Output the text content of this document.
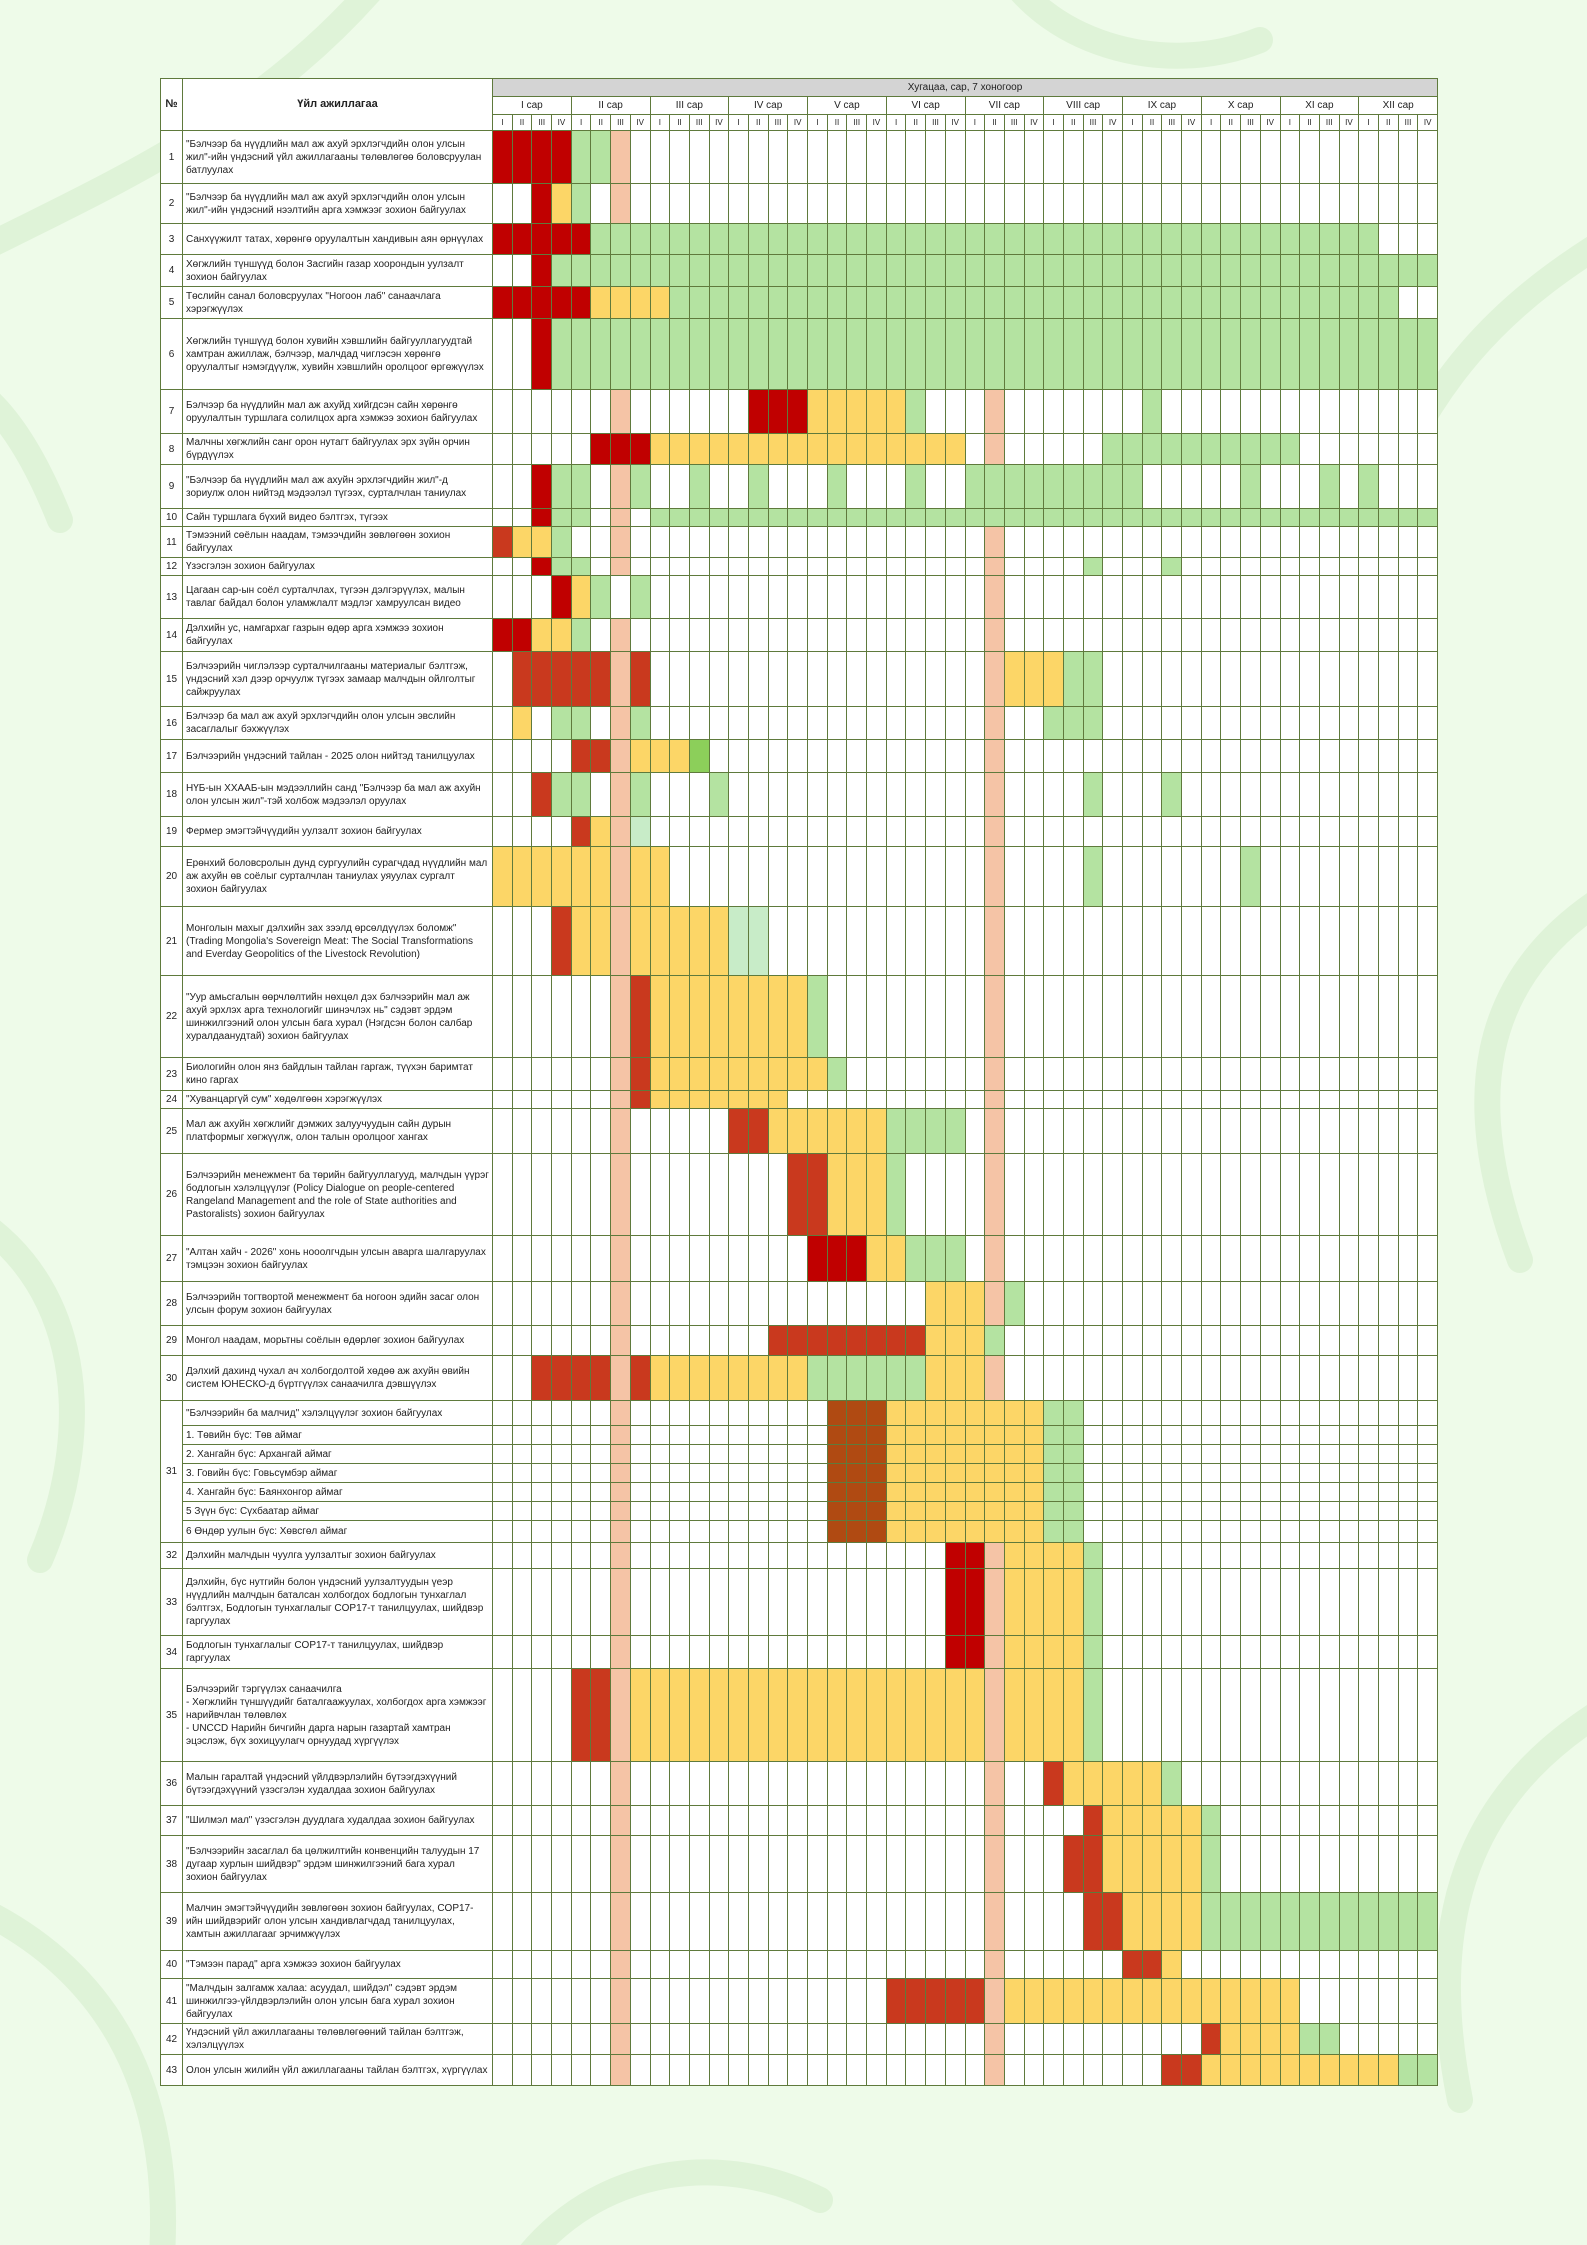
№	Үйл ажиллагаа	Хугацаа, сар, 7 хоногоор																																															
		I сар				II сар				III сар				IV сар				V сар				VI сар				VII сар				VIII сар				IX сар				X сар				XI сар				XII сар			
		I	II	III	IV	I	II	III	IV	I	II	III	IV	I	II	III	IV	I	II	III	IV	I	II	III	IV	I	II	III	IV	I	II	III	IV	I	II	III	IV	I	II	III	IV	I	II	III	IV	I	II	III	IV
1	"Бэлчээр ба нүүдлийн мал аж ахуй эрхлэгчдийн олон улсын жил"-ийн үндэсний үйл ажиллагааны төлөвлөгөө боловсруулан батлуулах																																																
2	"Бэлчээр ба нүүдлийн мал аж ахуй эрхлэгчдийн олон улсын жил"-ийн үндэсний нээлтийн арга хэмжээг зохион байгуулах																																																
3	Санхүүжилт татах, хөрөнгө оруулалтын хандивын аян өрнүүлах																																																
4	Хөгжлийн түншүүд болон Засгийн газар хоорондын уулзалт зохион байгуулах																																																
5	Төслийн санал боловсруулах "Ногоон лаб" санаачлага хэрэгжүүлэх																																																
6	Хөгжлийн түншүүд болон хувийн хэвшлийн байгууллагуудтай хамтран ажиллаж, бэлчээр, малчдад чиглэсэн хөрөнгө оруулалтыг нэмэгдүүлж, хувийн хэвшлийн оролцоог өргөжүүлэх																																																
7	Бэлчээр ба нүүдлийн мал аж ахуйд хийгдсэн сайн хөрөнгө оруулалтын туршлага солилцох арга хэмжээ зохион байгуулах																																																
8	Малчны хөгжлийн санг орон нутагт байгуулах эрх зүйн орчин бүрдүүлэх																																																
9	"Бэлчээр ба нүүдлийн мал аж ахуйн эрхлэгчдийн жил"-д зориулж олон нийтэд мэдээлэл түгээх, сурталчлан таниулах																																																
10	Сайн туршлага бүхий видео бэлтгэх, түгээх																																																
11	Тэмээний сөёлын наадам, тэмээчдийн зөвлөгөөн зохион байгуулах																																																
12	Үзэсгэлэн зохион байгуулах																																																
13	Цагаан сар-ын соёл сурталчлах, түгээн дэлгэрүүлэх, малын тавлаг байдал болон уламжлалт мэдлэг хамруулсан видео																																																
14	Дэлхийн ус, намгархаг газрын өдөр арга хэмжээ зохион байгуулах																																																
15	Бэлчээрийн чиглэлээр сурталчилгааны материалыг бэлтгэж, үндэсний хэл дээр орчуулж түгээх замаар малчдын ойлголтыг сайжруулах																																																
16	Бэлчээр ба мал аж ахуй эрхлэгчдийн олон улсын эвслийн засаглалыг бэхжүүлэх																																																
17	Бэлчээрийн үндэсний тайлан - 2025 олон нийтэд танилцуулах																																																
18	НҮБ-ын ХХААБ-ын мэдээллийн санд "Бэлчээр ба мал аж ахуйн олон улсын жил"-тэй холбож мэдээлэл оруулах																																																
19	Фермер эмэгтэйчүүдийн уулзалт зохион байгуулах																																																
20	Ерөнхий боловсролын дунд сургуулийн сурагчдад нүүдлийн мал аж ахуйн өв соёлыг сурталчлан таниулах уяуулах сургалт зохион байгуулах																																																
21	Монголын махыг дэлхийн зах зээлд өрсөлдүүлэх боломж" (Trading Mongolia's Sovereign Meat: The Social Transformations and Everday Geopolitics of the Livestock Revolution)																																																
22	"Уур амьсгалын өөрчлөлтийн нөхцөл дэх бэлчээрийн мал аж ахуй эрхлэх арга технологийг шинэчлэх нь" сэдэвт эрдэм шинжилгээний олон улсын бага хурал (Нэгдсэн болон салбар хуралдаанудтай) зохион байгуулах																																																
23	Биологийн олон янз байдлын тайлан гаргаж, түүхэн баримтат кино гаргах																																																
24	"Хуванцаргүй сум" хөдөлгөөн хэрэгжүүлэх																																																
25	Мал аж ахуйн хөгжлийг дэмжих залуучуудын сайн дурын платформыг хөгжүүлж, олон талын оролцоог хангах																																																
26	Бэлчээрийн менежмент ба төрийн байгууллагууд, малчдын үүрэг бодлогын хэлэлцүүлэг (Policy Dialogue on people-centered Rangeland Management and the role of State authorities and Pastoralists) зохион байгуулах																																																
27	"Алтан хайч - 2026" хонь нооолгчдын улсын аварга шалгаруулах тэмцээн зохион байгуулах																																																
28	Бэлчээрийн тогтвортой менежмент ба ногоон эдийн засаг олон улсын форум зохион байгуулах																																																
29	Монгол наадам, морьтны соёлын өдөрлөг зохион байгуулах																																																
30	Дэлхий дахинд чухал ач холбогдолтой хөдөө аж ахуйн өвийн систем ЮНЕСКО-д бүртгүүлэх санаачилга дэвшүүлэх																																																
31	"Бэлчээрийн ба малчид" хэлэлцүүлэг зохион байгуулах																																																
	1. Төвийн бүс: Төв аймаг																																																
	2. Хангайн бүс: Архангай аймаг																																																
	3. Говийн бүс: Говьсүмбэр аймаг																																																
	4. Хангайн бүс: Баянхонгор аймаг																																																
	5 Зүүн бүс: Сүхбаатар аймаг																																																
	6 Өндөр уулын бүс: Хөвсгөл аймаг																																																
32	Дэлхийн малчдын чуулга уулзалтыг зохион байгуулах																																																
33	Дэлхийн, бүс нутгийн болон үндэсний уулзалтуудын үеэр нүүдлийн малчдын баталсан холбогдох бодлогын тунхаглал бэлтгэх, Бодлогын тунхаглалыг COP17-т танилцуулах, шийдвэр гаргуулах																																																
34	Бодлогын тунхаглалыг COP17-т танилцуулах, шийдвэр гаргуулах																																																
35	Бэлчээрийг тэргүүлэх санаачилга
- Хөгжлийн түншүүдийг баталгаажуулах, холбогдох арга хэмжээг нарийвчлан төлөвлөх
- UNCCD Нарийн бичгийн дарга нарын газартай хамтран эцэслэж, бүх зохицуулагч орнуудад хүргүүлэх																																																
36	Малын гаралтай үндэсний үйлдвэрлэлийн бүтээгдэхүүний бүтээгдэхүүний үзэсгэлэн худалдаа зохион байгуулах																																																
37	"Шилмэл мал" үзэсгэлэн дуудлага худалдаа зохион байгуулах																																																
38	"Бэлчээрийн засаглал ба цөлжилтийн конвенцийн талуудын 17 дугаар хурлын шийдвэр" эрдэм шинжилгээний бага хурал зохион байгуулах																																																
39	Малчин эмэгтэйчүүдийн зөвлөгөөн зохион байгуулах, COP17-ийн шийдвэрийг олон улсын хандивлагчдад танилцуулах, хамтын ажиллагааг эрчимжүүлэх																																																
40	"Тэмээн парад" арга хэмжээ зохион байгуулах																																																
41	"Малчдын залгамж халаа: асуудал, шийдэл" сэдэвт эрдэм шинжилгээ-үйлдвэрлэлийн олон улсын бага хурал зохион байгуулах																																																
42	Үндэсний үйл ажиллагааны төлөвлөгөөний тайлан бэлтгэж, хэлэлцүүлэх																																																
43	Олон улсын жилийн үйл ажиллагааны тайлан бэлтгэх, хүргүүлах																																																
